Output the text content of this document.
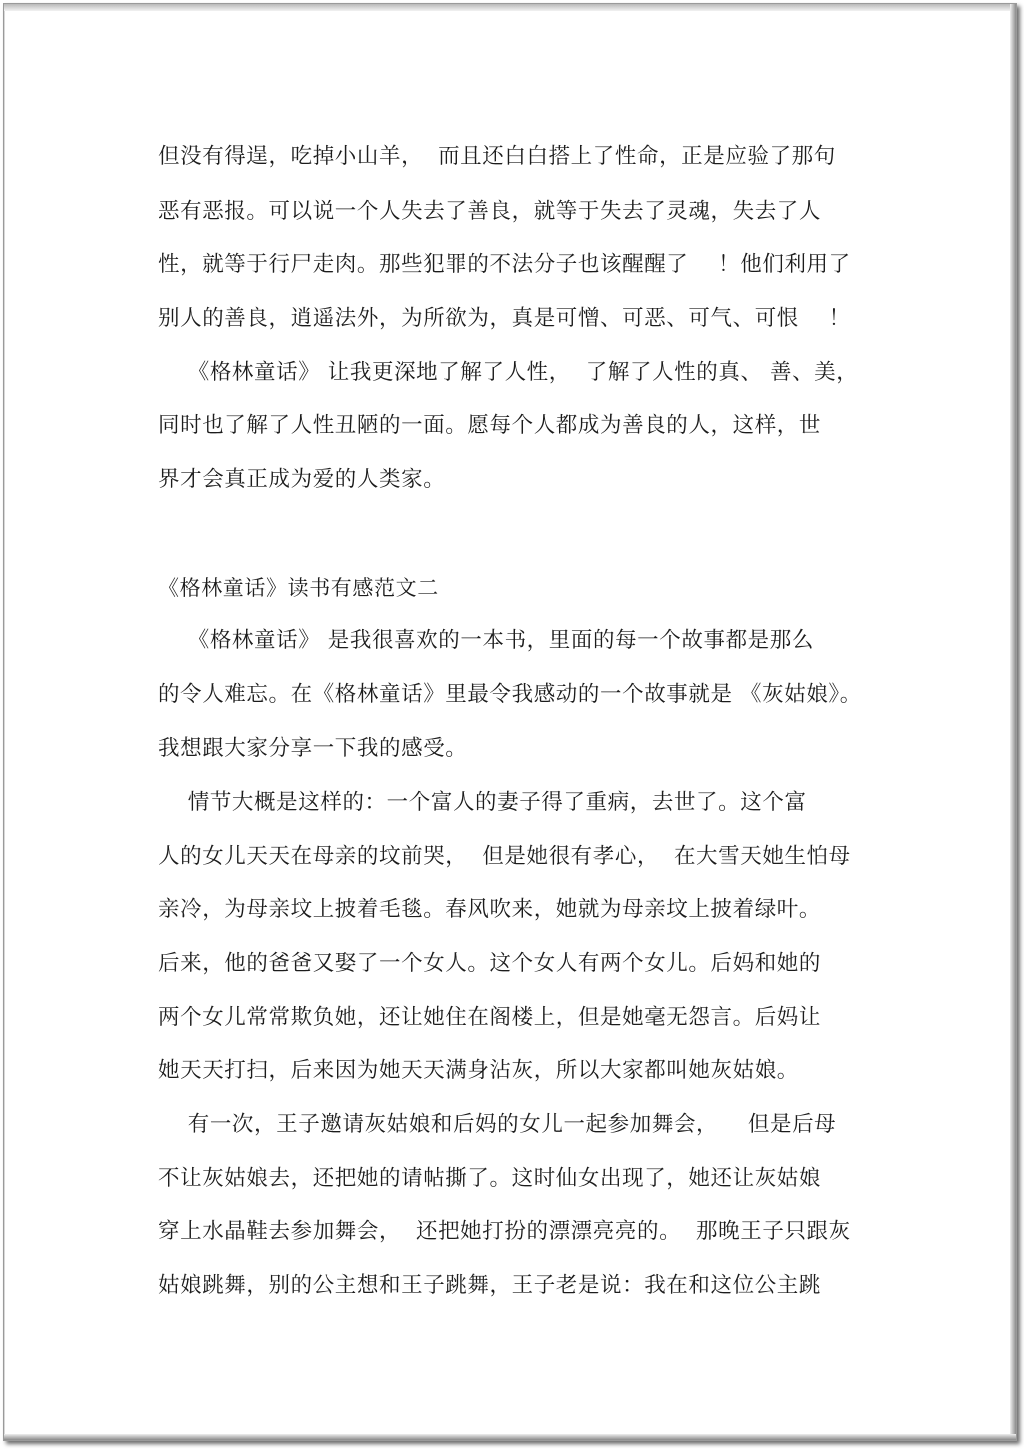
但没有得逞，吃掉小山羊，  而且还白白搭上了性命，正是应验了那句
恶有恶报。可以说一个人失去了善良，就等于失去了灵魂，失去了人
性，就等于行尸走肉。那些犯罪的不法分子也该醒醒了    ！他们利用了
别人的善良，逍遥法外，为所欲为，真是可憎、可恶、可气、可恨    ！
《格林童话》 让我更深地了解了人性，  了解了人性的真、 善、美，
同时也了解了人性丑陋的一面。愿每个人都成为善良的人，这样，世
界才会真正成为爱的人类家。
《格林童话》读书有感范文二
《格林童话》 是我很喜欢的一本书，里面的每一个故事都是那么
的令人难忘。在《格林童话》里最令我感动的一个故事就是 《灰姑娘》。
我想跟大家分享一下我的感受。
情节大概是这样的：一个富人的妻子得了重病，去世了。这个富
人的女儿天天在母亲的坟前哭，  但是她很有孝心，  在大雪天她生怕母
亲冷，为母亲坟上披着毛毯。春风吹来，她就为母亲坟上披着绿叶。
后来，他的爸爸又娶了一个女人。这个女人有两个女儿。后妈和她的
两个女儿常常欺负她，还让她住在阁楼上，但是她毫无怨言。后妈让
她天天打扫，后来因为她天天满身沾灰，所以大家都叫她灰姑娘。
有一次，王子邀请灰姑娘和后妈的女儿一起参加舞会，    但是后母
不让灰姑娘去，还把她的请帖撕了。这时仙女出现了，她还让灰姑娘
穿上水晶鞋去参加舞会，  还把她打扮的漂漂亮亮的。  那晚王子只跟灰
姑娘跳舞，别的公主想和王子跳舞，王子老是说：我在和这位公主跳
